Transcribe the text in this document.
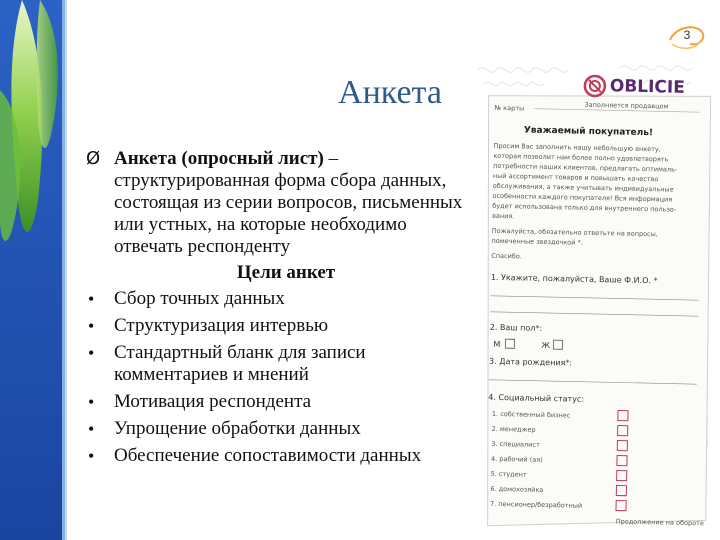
3
Анкета
Ø Анкета (опросный лист) – структурированная форма сбора данных, состоящая из серии вопросов, письменных или устных, на которые необходимо отвечать респонденту
Цели анкет
• Сбор точных данных
• Структуризация интервью
• Стандартный бланк для записи комментариев и мнений
• Мотивация респондента
• Упрощение обработки данных
• Обеспечение сопоставимости данных
OBLICIE
№ карты	Заполняется продавцом
Уважаемый покупатель!
Просим Вас заполнить нашу небольшую анкету,
которая позволит нам более полно удовлетворять
потребности наших клиентов, предлагать оптималь-
ный ассортимент товаров и повышать качество
обслуживания, а также учитывать индивидуальные
особенности каждого покупателя! Вся информация
будет использована только для внутреннего пользо-
вания.
Пожалуйста, обязательно ответьте на вопросы,
помеченные звездочкой *.
Спасибо.
1. Укажите, пожалуйста, Ваше Ф.И.О. *
2. Ваш пол*:
М	Ж
3. Дата рождения*:
4. Социальный статус:
1. собственный бизнес
2. менеджер
3. специалист
4. рабочий (ая)
5. студент
6. домохозяйка
7. пенсионер/безработный
Продолжение на обороте
